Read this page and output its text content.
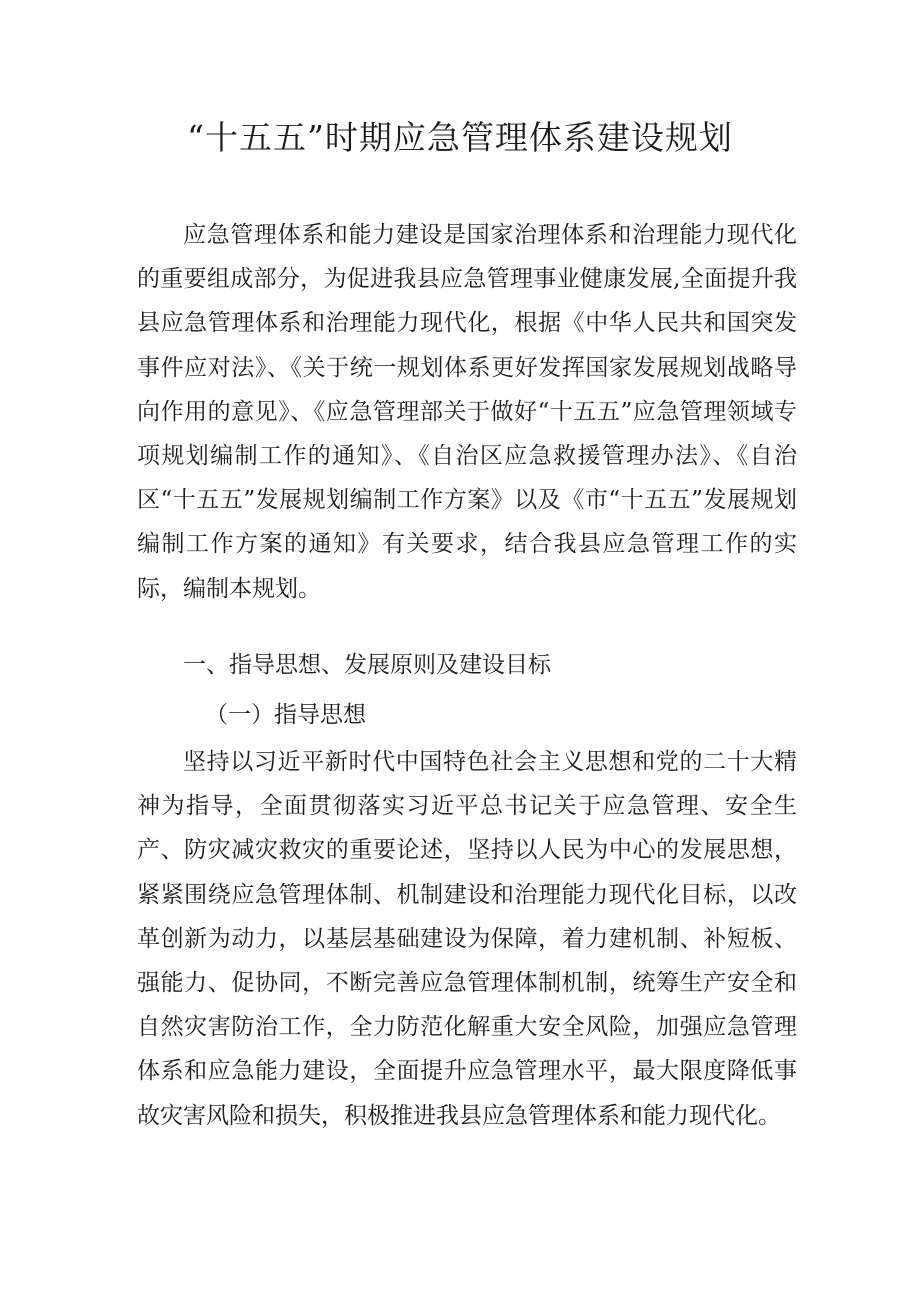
“十五五”时期应急管理体系建设规划

应急管理体系和能力建设是国家治理体系和治理能力现代化的重要组成部分，为促进我县应急管理事业健康发展,全面提升我县应急管理体系和治理能力现代化，根据《中华人民共和国突发事件应对法》、《关于统一规划体系更好发挥国家发展规划战略导向作用的意见》、《应急管理部关于做好“十五五”应急管理领域专项规划编制工作的通知》、《自治区应急救援管理办法》、《自治区“十五五”发展规划编制工作方案》以及《市“十五五”发展规划编制工作方案的通知》有关要求，结合我县应急管理工作的实际，编制本规划。

一、指导思想、发展原则及建设目标
（一）指导思想

坚持以习近平新时代中国特色社会主义思想和党的二十大精神为指导，全面贯彻落实习近平总书记关于应急管理、安全生产、防灾减灾救灾的重要论述，坚持以人民为中心的发展思想，紧紧围绕应急管理体制、机制建设和治理能力现代化目标，以改革创新为动力，以基层基础建设为保障，着力建机制、补短板、强能力、促协同，不断完善应急管理体制机制，统筹生产安全和自然灾害防治工作，全力防范化解重大安全风险，加强应急管理体系和应急能力建设，全面提升应急管理水平，最大限度降低事故灾害风险和损失，积极推进我县应急管理体系和能力现代化。
